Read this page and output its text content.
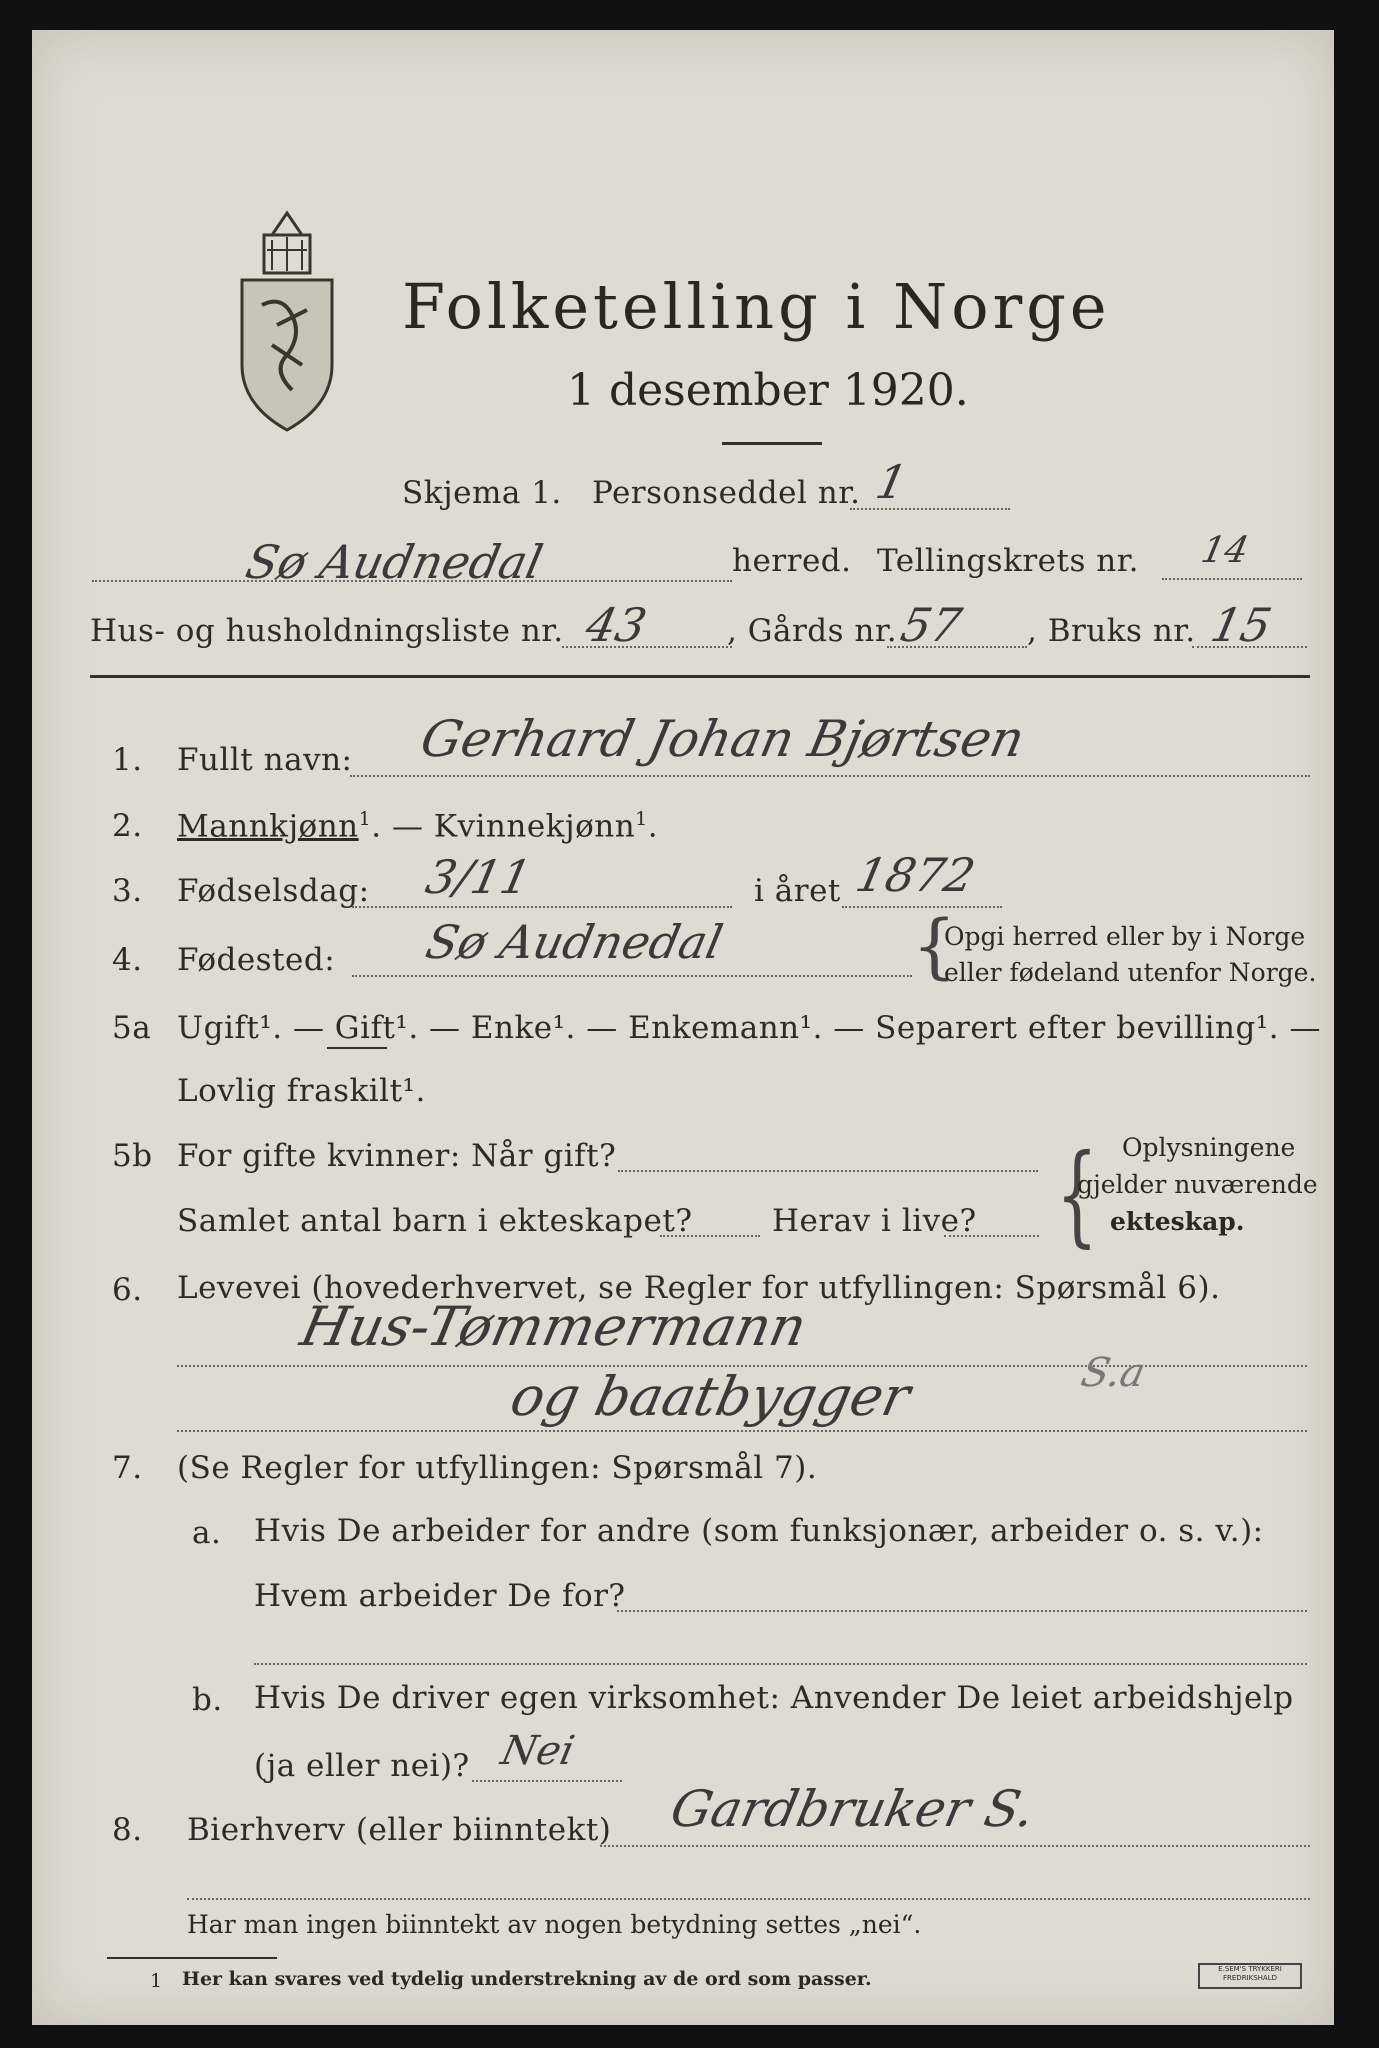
Folketelling i Norge
1 desember 1920.
Skjema 1. Personseddel nr. 1
Sø Audnedal	herred. Tellingskrets nr. 14
Hus- og husholdningsliste nr. 43 , Gårds nr. 57 , Bruks nr. 15
1. Fullt navn: Gerhard Johan Bjørtsen
2. Mannkjønn$^1$. — Kvinnekjønn$^1$.
3. Fødselsdag: 3/11	i året 1872
4. Fødested: Sø Audnedal	{
Opgi herred eller by i Norge
eller fødeland utenfor Norge.
5a Ugift¹. — Gift¹. — Enke¹. — Enkemann¹. — Separert efter bevilling¹. —
Lovlig fraskilt¹.
5b For gifte kvinner: Når gift?
Samlet antal barn i ekteskapet?	Herav i live? { Oplysningene
gjelder nuværende
ekteskap.
6. Levevei (hovederhvervet, se Regler for utfyllingen: Spørsmål 6).
Hus-Tømmermann
og baatbygger	S.a
7. (Se Regler for utfyllingen: Spørsmål 7).
a. Hvis De arbeider for andre (som funksjonær, arbeider o. s. v.):
Hvem arbeider De for?
b. Hvis De driver egen virksomhet: Anvender De leiet arbeidshjelp
(ja eller nei)? Nei
8. Bierhverv (eller biinntekt) Gardbruker S.
Har man ingen biinntekt av nogen betydning settes „nei“.
1 Her kan svares ved tydelig understrekning av de ord som passer.	E.SEM'S TRYKKERI
FREDRIKSHALD
